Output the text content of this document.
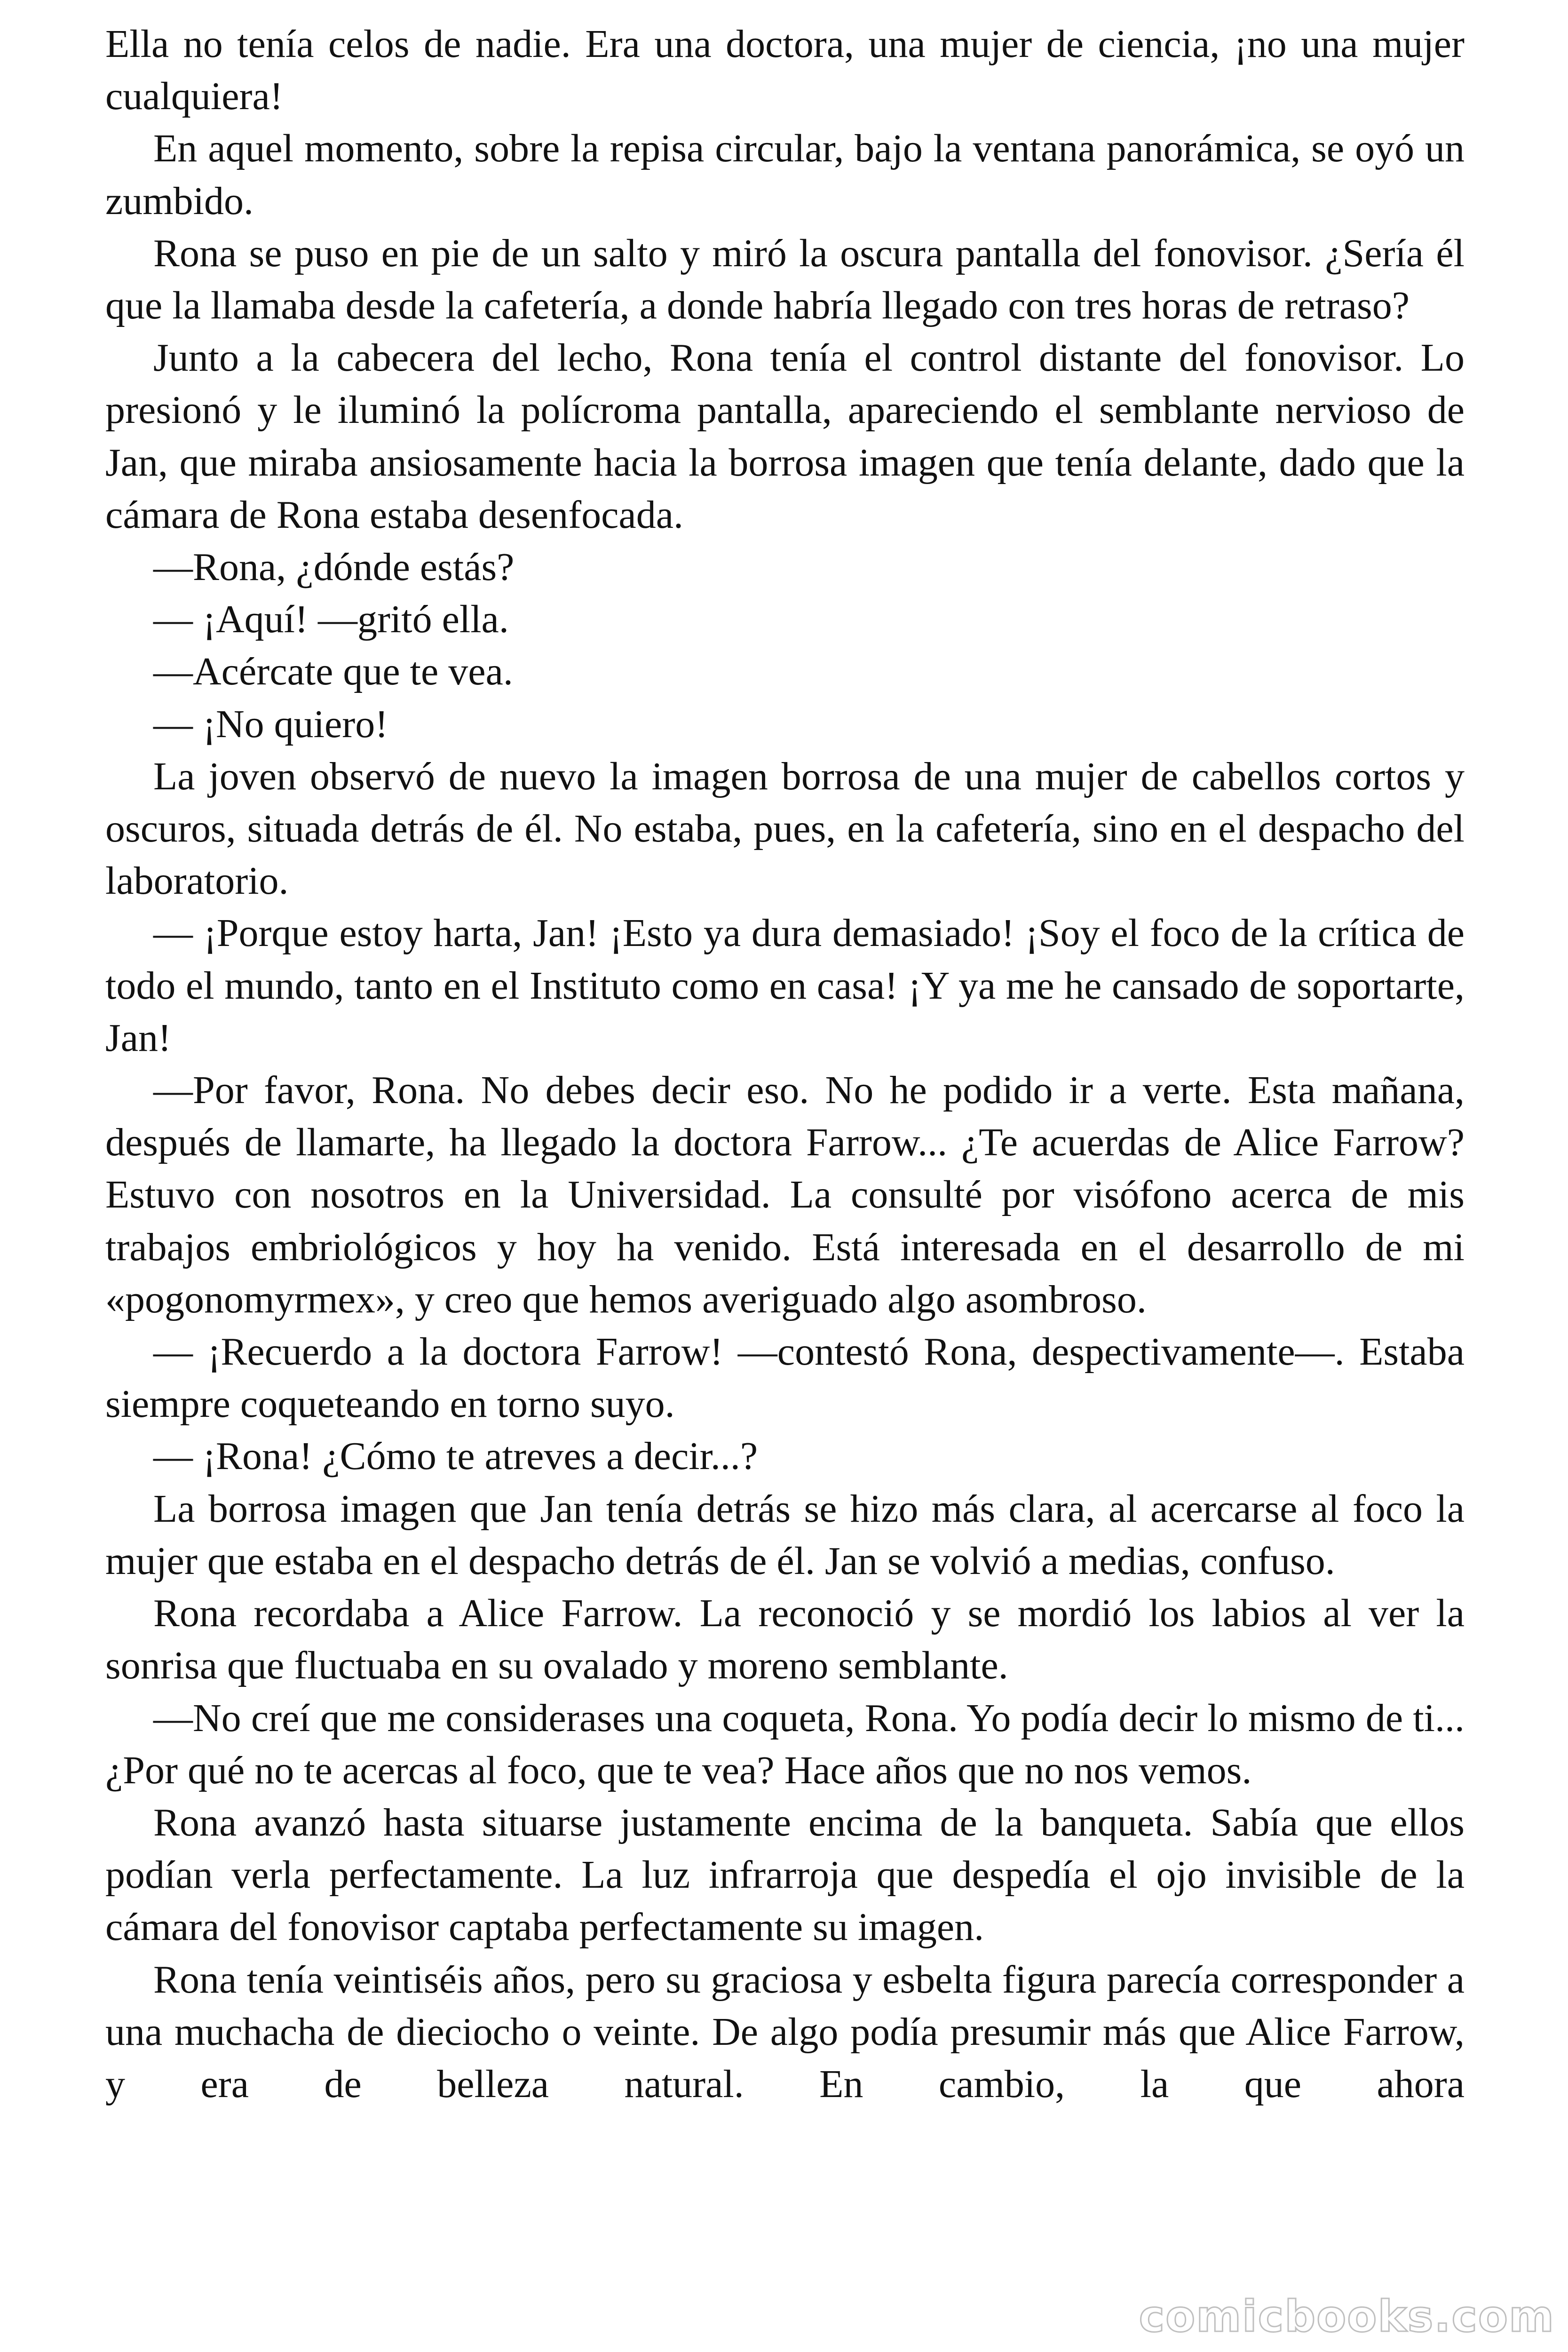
Ella no tenía celos de nadie. Era una doctora, una mujer de ciencia, ¡no una mujer cualquiera!

En aquel momento, sobre la repisa circular, bajo la ventana panorámica, se oyó un zumbido.

Rona se puso en pie de un salto y miró la oscura pantalla del fonovisor. ¿Sería él que la llamaba desde la cafetería, a donde habría llegado con tres horas de retraso?

Junto a la cabecera del lecho, Rona tenía el control distante del fonovisor. Lo presionó y le iluminó la polícroma pantalla, apareciendo el semblante nervioso de Jan, que miraba ansiosamente hacia la borrosa imagen que tenía delante, dado que la cámara de Rona estaba desenfocada.

—Rona, ¿dónde estás?

— ¡Aquí! —gritó ella.

—Acércate que te vea.

— ¡No quiero!

La joven observó de nuevo la imagen borrosa de una mujer de cabellos cortos y oscuros, situada detrás de él. No estaba, pues, en la cafetería, sino en el despacho del laboratorio.

— ¡Porque estoy harta, Jan! ¡Esto ya dura demasiado! ¡Soy el foco de la crítica de todo el mundo, tanto en el Instituto como en casa! ¡Y ya me he cansado de soportarte, Jan!

—Por favor, Rona. No debes decir eso. No he podido ir a verte. Esta mañana, después de llamarte, ha llegado la doctora Farrow... ¿Te acuerdas de Alice Farrow? Estuvo con nosotros en la Universidad. La consulté por visófono acerca de mis trabajos embriológicos y hoy ha venido. Está interesada en el desarrollo de mi «pogonomyrmex», y creo que hemos averiguado algo asombroso.

— ¡Recuerdo a la doctora Farrow! —contestó Rona, despectivamente—. Estaba siempre coqueteando en torno suyo.

— ¡Rona! ¿Cómo te atreves a decir...?

La borrosa imagen que Jan tenía detrás se hizo más clara, al acercarse al foco la mujer que estaba en el despacho detrás de él. Jan se volvió a medias, confuso.

Rona recordaba a Alice Farrow. La reconoció y se mordió los labios al ver la sonrisa que fluctuaba en su ovalado y moreno semblante.

—No creí que me considerases una coqueta, Rona. Yo podía decir lo mismo de ti... ¿Por qué no te acercas al foco, que te vea? Hace años que no nos vemos.

Rona avanzó hasta situarse justamente encima de la banqueta. Sabía que ellos podían verla perfectamente. La luz infrarroja que despedía el ojo invisible de la cámara del fonovisor captaba perfectamente su imagen.

Rona tenía veintiséis años, pero su graciosa y esbelta figura parecía corresponder a una muchacha de dieciocho o veinte. De algo podía presumir más que Alice Farrow, y era de belleza natural. En cambio, la que ahora

comicbooks.com
